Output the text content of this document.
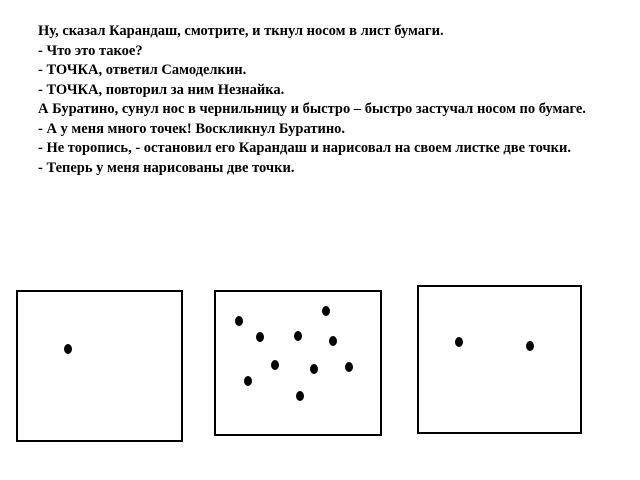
Ну, сказал Карандаш, смотрите, и ткнул носом в лист бумаги.

- Что это такое?

- ТОЧКА, ответил Самоделкин.

- ТОЧКА, повторил за ним Незнайка.

А Буратино, сунул нос в чернильницу и быстро – быстро застучал носом по бумаге.

- А у меня много точек! Воскликнул Буратино.

- Не торопись, - остановил его Карандаш и нарисовал на своем листке две точки.

- Теперь у меня нарисованы две точки.
